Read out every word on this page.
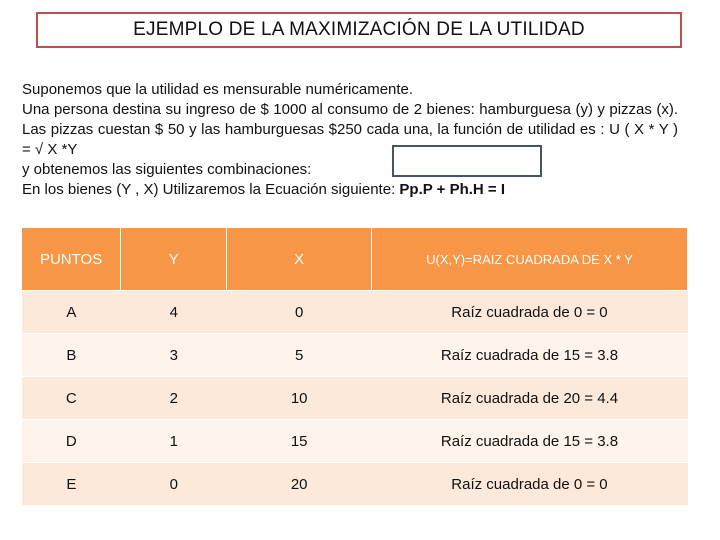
EJEMPLO DE LA MAXIMIZACIÓN DE LA UTILIDAD

Suponemos que la utilidad es mensurable numéricamente.

Una persona destina su ingreso de $ 1000 al consumo de 2 bienes: hamburguesa (y) y pizzas (x). Las pizzas cuestan $ 50 y las hamburguesas $250 cada una, la función de utilidad es : U ( X * Y ) = √ X *Y

y obtenemos las siguientes combinaciones:

En los bienes (Y , X) Utilizaremos la Ecuación siguiente: Pp.P + Ph.H = I

PUNTOS	Y	X	U(X,Y)=RAIZ CUADRADA DE X * Y
A	4	0	Raíz cuadrada de 0 = 0
B	3	5	Raíz cuadrada de 15 = 3.8
C	2	10	Raíz cuadrada de 20 = 4.4
D	1	15	Raíz cuadrada de 15 = 3.8
E	0	20	Raíz cuadrada de 0 = 0
